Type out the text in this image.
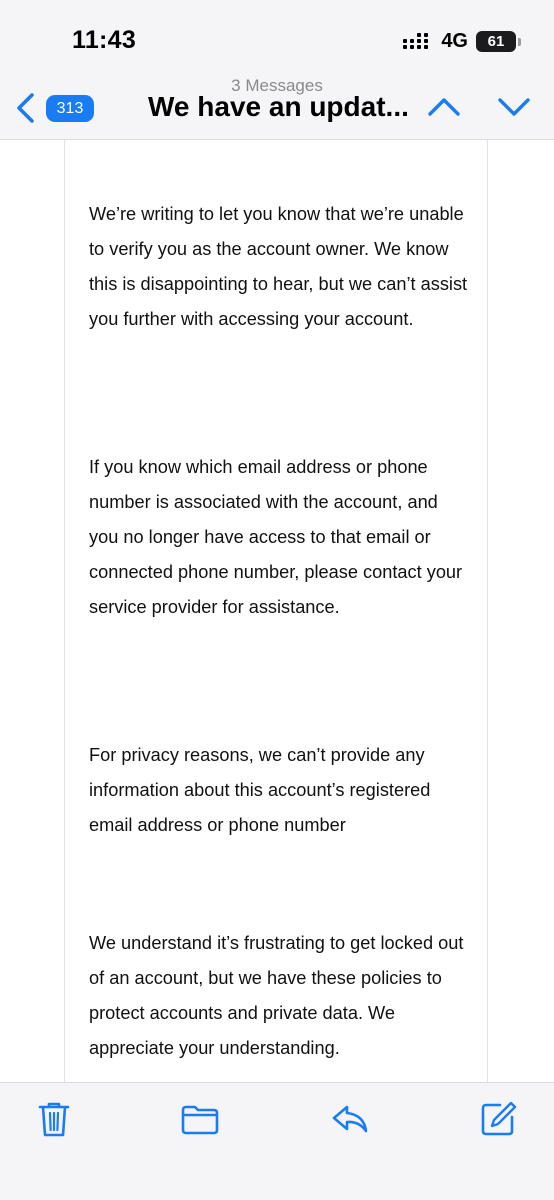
11:43	4G 61
313
3 Messages
We have an updat...

We’re writing to let you know that we’re unable to verify you as the account owner. We know this is disappointing to hear, but we can’t assist you further with accessing your account.

If you know which email address or phone number is associated with the account, and you no longer have access to that email or connected phone number, please contact your service provider for assistance.

For privacy reasons, we can’t provide any information about this account’s registered email address or phone number

We understand it’s frustrating to get locked out of an account, but we have these policies to protect accounts and private data. We appreciate your understanding.
